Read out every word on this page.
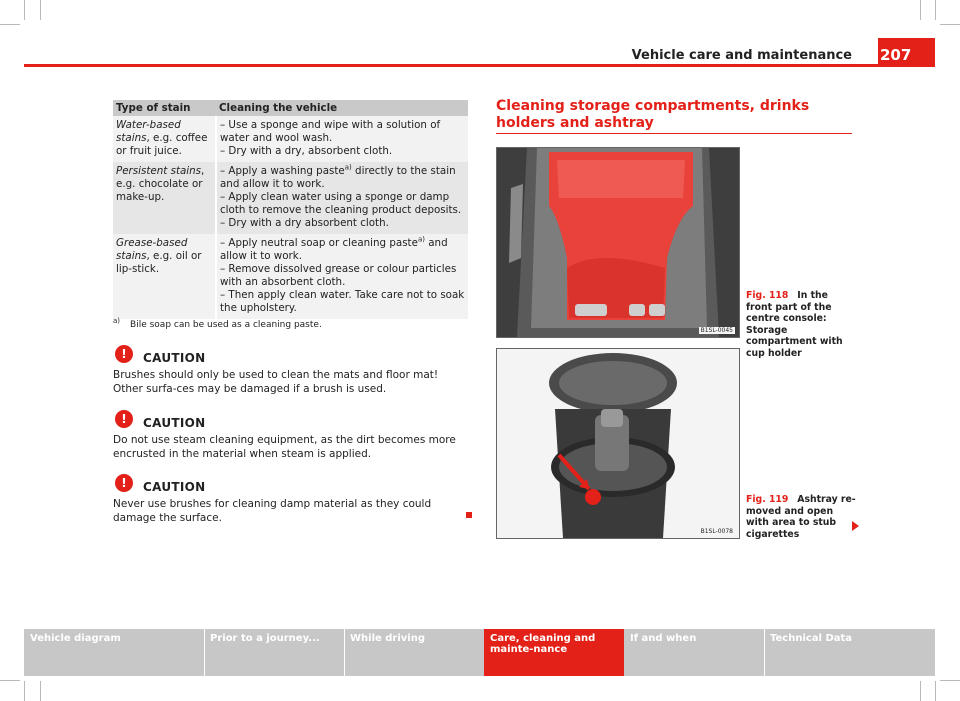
Vehicle care and maintenance 207
Type of stain	Cleaning the vehicle
Water-based stains, e.g. coffee or fruit juice.	– Use a sponge and wipe with a solution of water and wool wash.
– Dry with a dry, absorbent cloth.

Persistent stains, e.g. chocolate or make-up.	– Apply a washing paste$^{a)}$ directly to the stain and allow it to work.
– Apply clean water using a sponge or damp cloth to remove the cleaning product deposits.
– Dry with a dry absorbent cloth.

Grease-based stains, e.g. oil or lip-stick.	– Apply neutral soap or cleaning paste$^{a)}$ and allow it to work.
– Remove dissolved grease or colour particles with an absorbent cloth.
– Then apply clean water. Take care not to soak the upholstery.
$^{a)}$ Bile soap can be used as a cleaning paste.
!	CAUTION
Brushes should only be used to clean the mats and floor mat! Other surfa-ces may be damaged if a brush is used.
!	CAUTION
Do not use steam cleaning equipment, as the dirt becomes more encrusted in the material when steam is applied.
!	CAUTION
Never use brushes for cleaning damp material as they could damage the surface.
Cleaning storage compartments, drinks holders and ashtray
B1SL-0045
Fig. 118 In the front part of the centre console: Storage compartment with cup holder
B1SL-0078
Fig. 119 Ashtray re-moved and open with area to stub cigarettes
Vehicle diagram	Prior to a journey...	While driving	Care, cleaning and mainte-nance
If and when	Technical Data
